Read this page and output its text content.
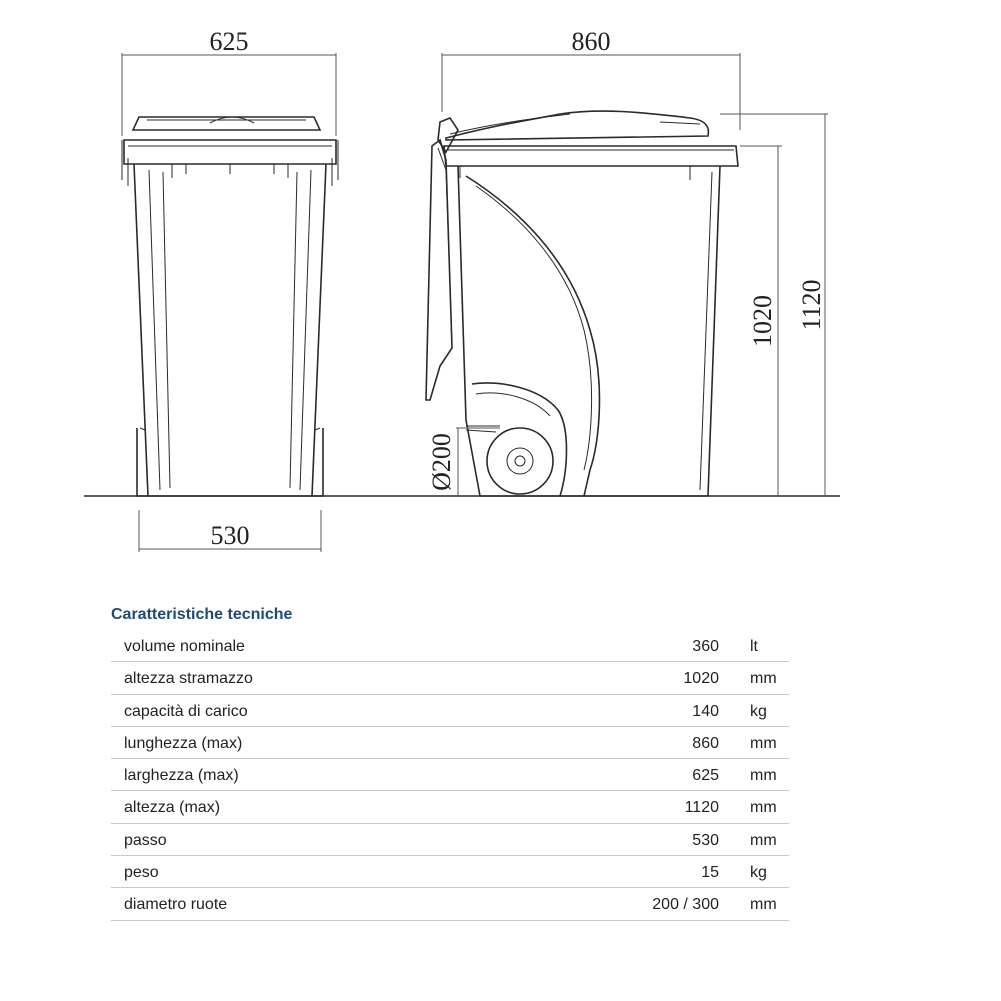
625	860
1020 1120
530
Ø200
Caratteristiche tecniche
volume nominale	360 lt
altezza stramazzo	1020 mm
capacità di carico	140 kg
lunghezza (max)	860 mm
larghezza (max)	625 mm
altezza (max)	1120 mm
passo	530 mm
peso	15 kg
diametro ruote	200 / 300 mm
